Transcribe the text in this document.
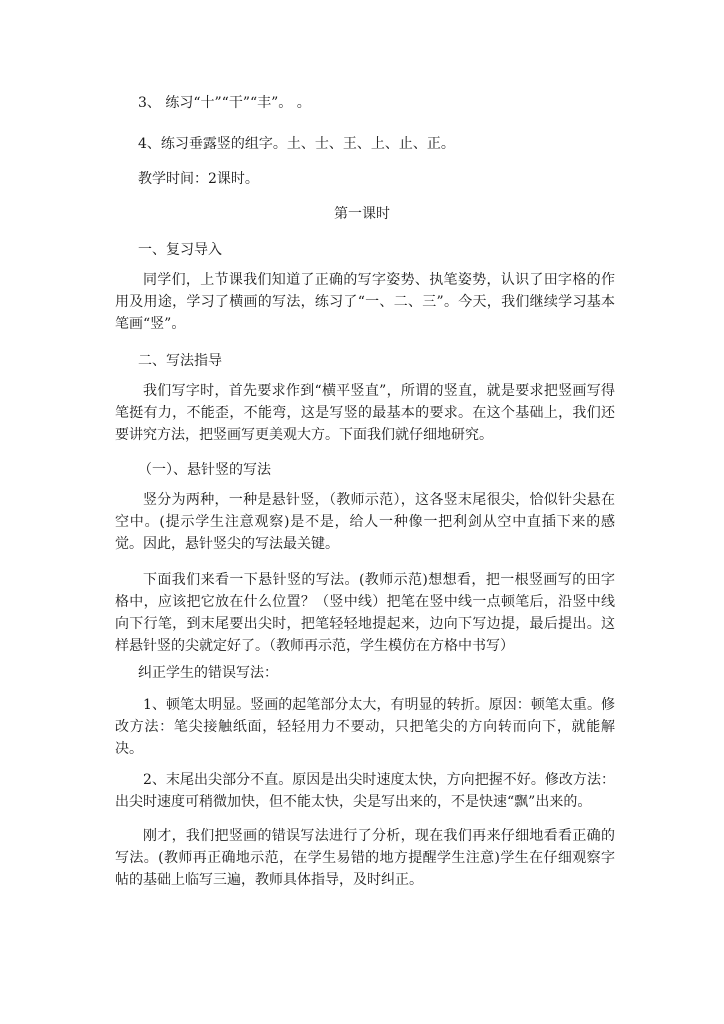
3、 练习“十”“干”“丰”。 。
4、练习垂露竖的组字。土、士、王、上、止、正。
教学时间：2课时。
第一课时
一、复习导入

同学们，上节课我们知道了正确的写字姿势、执笔姿势，认识了田字格的作用及用途，学习了横画的写法，练习了“一、二、三”。今天，我们继续学习基本笔画“竖”。

二、写法指导

我们写字时，首先要求作到“横平竖直”，所谓的竖直，就是要求把竖画写得笔挺有力，不能歪，不能弯，这是写竖的最基本的要求。在这个基础上，我们还要讲究方法，把竖画写更美观大方。下面我们就仔细地研究。

（一）、悬针竖的写法

竖分为两种，一种是悬针竖，（教师示范），这各竖末尾很尖，恰似针尖悬在空中。(提示学生注意观察)是不是，给人一种像一把利剑从空中直插下来的感觉。因此，悬针竖尖的写法最关键。

下面我们来看一下悬针竖的写法。(教师示范)想想看，把一根竖画写的田字格中，应该把它放在什么位置？（竖中线）把笔在竖中线一点顿笔后，沿竖中线向下行笔，到末尾要出尖时，把笔轻轻地提起来，边向下写边提，最后提出。这样悬针竖的尖就定好了。（教师再示范，学生模仿在方格中书写）

纠正学生的错误写法：

1、顿笔太明显。竖画的起笔部分太大，有明显的转折。原因：顿笔太重。修改方法：笔尖接触纸面，轻轻用力不要动，只把笔尖的方向转而向下，就能解决。

2、末尾出尖部分不直。原因是出尖时速度太快，方向把握不好。修改方法：出尖时速度可稍微加快，但不能太快，尖是写出来的，不是快速“飘”出来的。

刚才，我们把竖画的错误写法进行了分析，现在我们再来仔细地看看正确的写法。(教师再正确地示范，在学生易错的地方提醒学生注意)学生在仔细观察字帖的基础上临写三遍，教师具体指导，及时纠正。
